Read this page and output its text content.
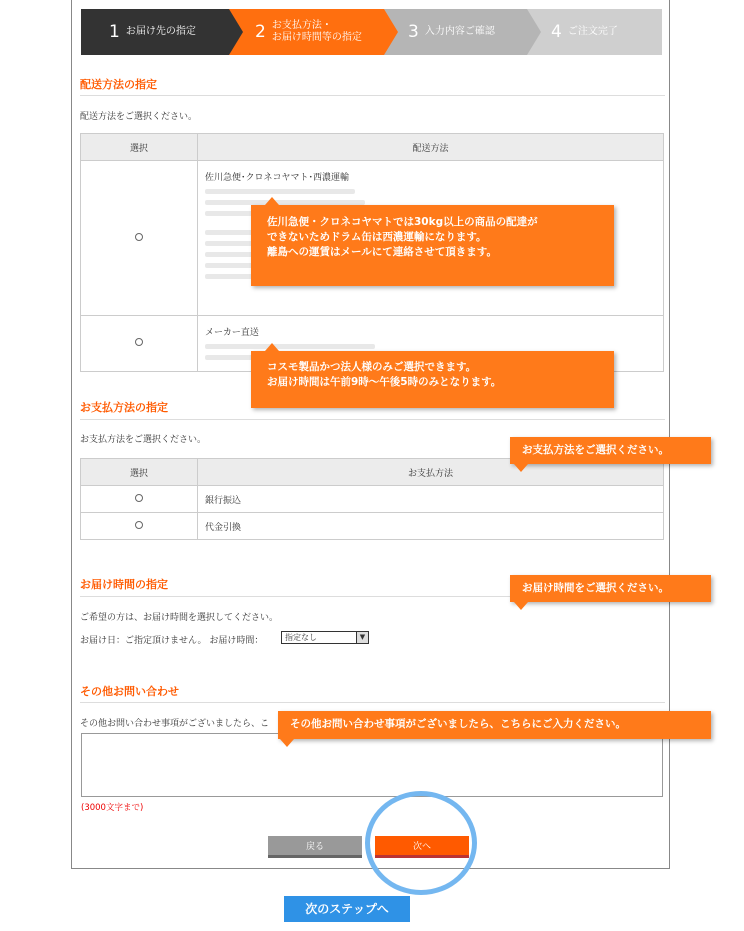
1 お届け先の指定	2 お支払方法・
お届け時間等の指定	3 入力内容ご確認	4 ご注文完了
配送方法の指定
配送方法をご選択ください。
選択	配送方法

	佐川急便･クロネコヤマト･西濃運輸

	メーカー直送
お支払方法の指定
お支払方法をご選択ください。
選択	お支払方法
	銀行振込
	代金引換
お届け時間の指定
ご希望の方は、お届け時間を選択してください。
お届け日：ご指定頂けません。 お届け時間：	指定なし	▼
その他お問い合わせ
その他お問い合わせ事項がございましたら、こ
(3000文字まで)
戻る	次へ
佐川急便・クロネコヤマトでは30kg以上の商品の配達が
できないためドラム缶は西濃運輸になります。
離島への運賃はメールにて連絡させて頂きます。
コスモ製品かつ法人様のみご選択できます。
お届け時間は午前9時～午後5時のみとなります。
お支払方法をご選択ください。
お届け時間をご選択ください。
その他お問い合わせ事項がございましたら、こちらにご入力ください。
次のステップへ
